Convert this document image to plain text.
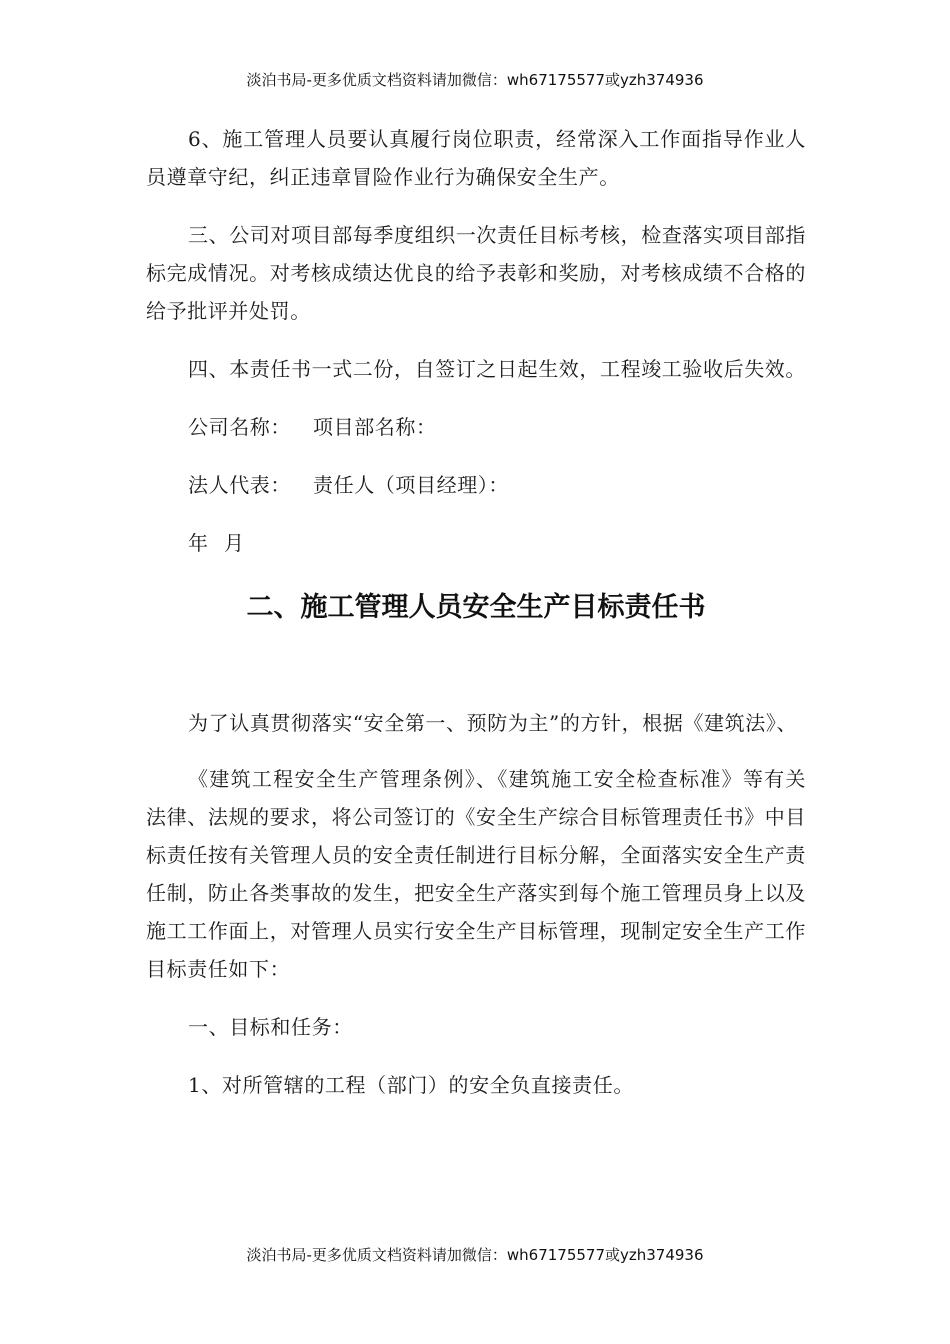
淡泊书局-更多优质文档资料请加微信：wh67175577或yzh374936

6、施工管理人员要认真履行岗位职责，经常深入工作面指导作业人员遵章守纪，纠正违章冒险作业行为确保安全生产。

三、公司对项目部每季度组织一次责任目标考核，检查落实项目部指标完成情况。对考核成绩达优良的给予表彰和奖励，对考核成绩不合格的给予批评并处罚。

四、本责任书一式二份，自签订之日起生效，工程竣工验收后失效。

公司名称： 项目部名称：
法人代表： 责任人（项目经理）：
年 月
二、施工管理人员安全生产目标责任书

为了认真贯彻落实“安全第一、预防为主”的方针，根据《建筑法》、

《建筑工程安全生产管理条例》、《建筑施工安全检查标准》等有关法律、法规的要求，将公司签订的《安全生产综合目标管理责任书》中目标责任按有关管理人员的安全责任制进行目标分解，全面落实安全生产责任制，防止各类事故的发生，把安全生产落实到每个施工管理员身上以及施工工作面上，对管理人员实行安全生产目标管理，现制定安全生产工作目标责任如下：

一、目标和任务：

1、对所管辖的工程（部门）的安全负直接责任。

淡泊书局-更多优质文档资料请加微信：wh67175577或yzh374936
